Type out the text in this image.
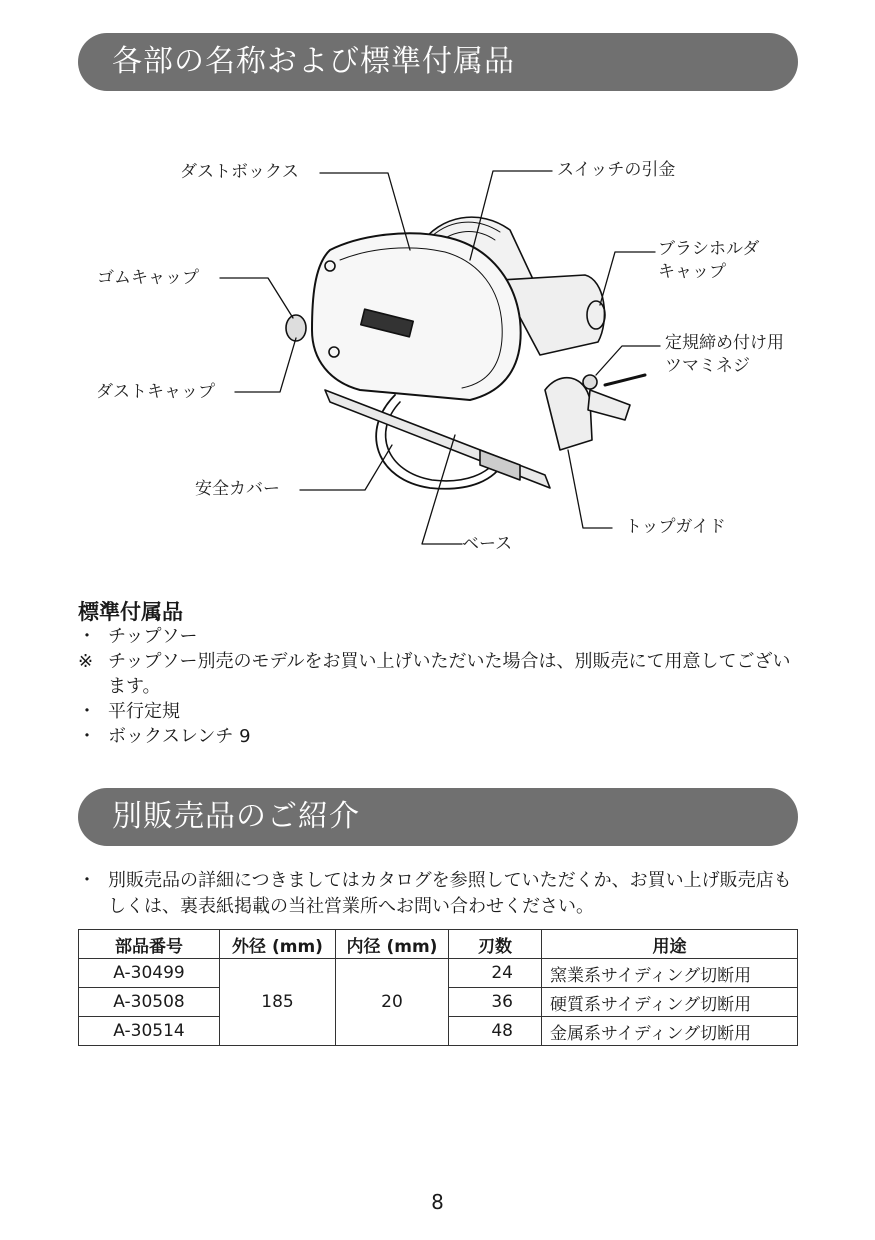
各部の名称および標準付属品
ダストボックス	スイッチの引金
ブラシホルダ
キャップ
ゴムキャップ
定規締め付け用
ツマミネジ
ダストキャップ
安全カバー
トップガイド
ベース
標準付属品
・ チップソー
※ チップソー別売のモデルをお買い上げいただいた場合は、別販売にて用意してございます。
・ 平行定規
・ ボックスレンチ 9
別販売品のご紹介
・ 別販売品の詳細につきましてはカタログを参照していただくか、お買い上げ販売店もしくは、裏表紙掲載の当社営業所へお問い合わせください。
部品番号	外径 (mm)	内径 (mm)	刃数	用途
A-30499	185	20	24	窯業系サイディング切断用
A-30508			36	硬質系サイディング切断用
A-30514			48	金属系サイディング切断用
8
